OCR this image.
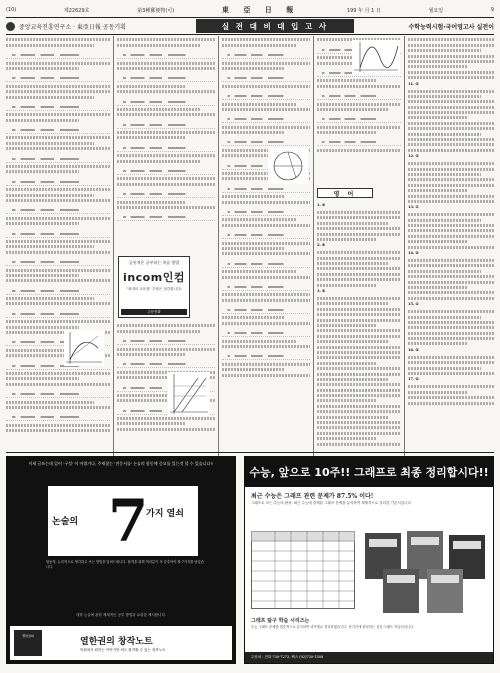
(10)	제22629호	第3種郵便物(可)	東 亞 日 報	199 年 月 1 日	월요일	9
중앙교육진흥연구소 · 東亞日報 공동기획	실 전 대 비 대 입 고 사	수학능력시험·국어영고사 실전이
공통적은 공부하는 학습 방법
incom인컴
"최대의 교육점" 부담은 절감합니다!
주문전화
영 어

1. ②

2. ④

3. ②

11. ③

12. ③

13. ①

14. ②

15. ①

16. ③

17. ②

이제 글쓰는데 있어 '구성' 이 어렵거나, 주제찾는 '전문서를' 논술의 합동에 중요를 있는것 할 수 있습니다!!
논술의 7
가지 열쇠
합동적, 논리적으로 생각하고 쓰는 방법을 알려드립니다. 합격을 위해 여러분이 꼭 갖추어야 할 7가지를 담았습니다.
대학 논술에 관한 체계적인 공부 방법과 요령을 제시합니다.
열한권의
열한권의 창작노트
학원에서 원하는 이야기만 써도 합격할 수 있는 창작노트
수능, 앞으로 10주!! 그래프로 최종 정리합시다!!
최근 수능은 그래프 관련 문제가 87.5% 이다!
그래프로 보는 수능의 완성. 최근 수능에 출제된 그래프 문제를 분석하여 체계적으로 정리한 기본서입니다.
그래프 탐구 학습 시리즈는
수능 그래프 문제를 집중적으로 분석하여 과목별로 정리하였습니다. 단기간에 완성하는 실전 그래프 학습서입니다.
주문처 : 전화 730-7273, 팩스 (02)730-1508
